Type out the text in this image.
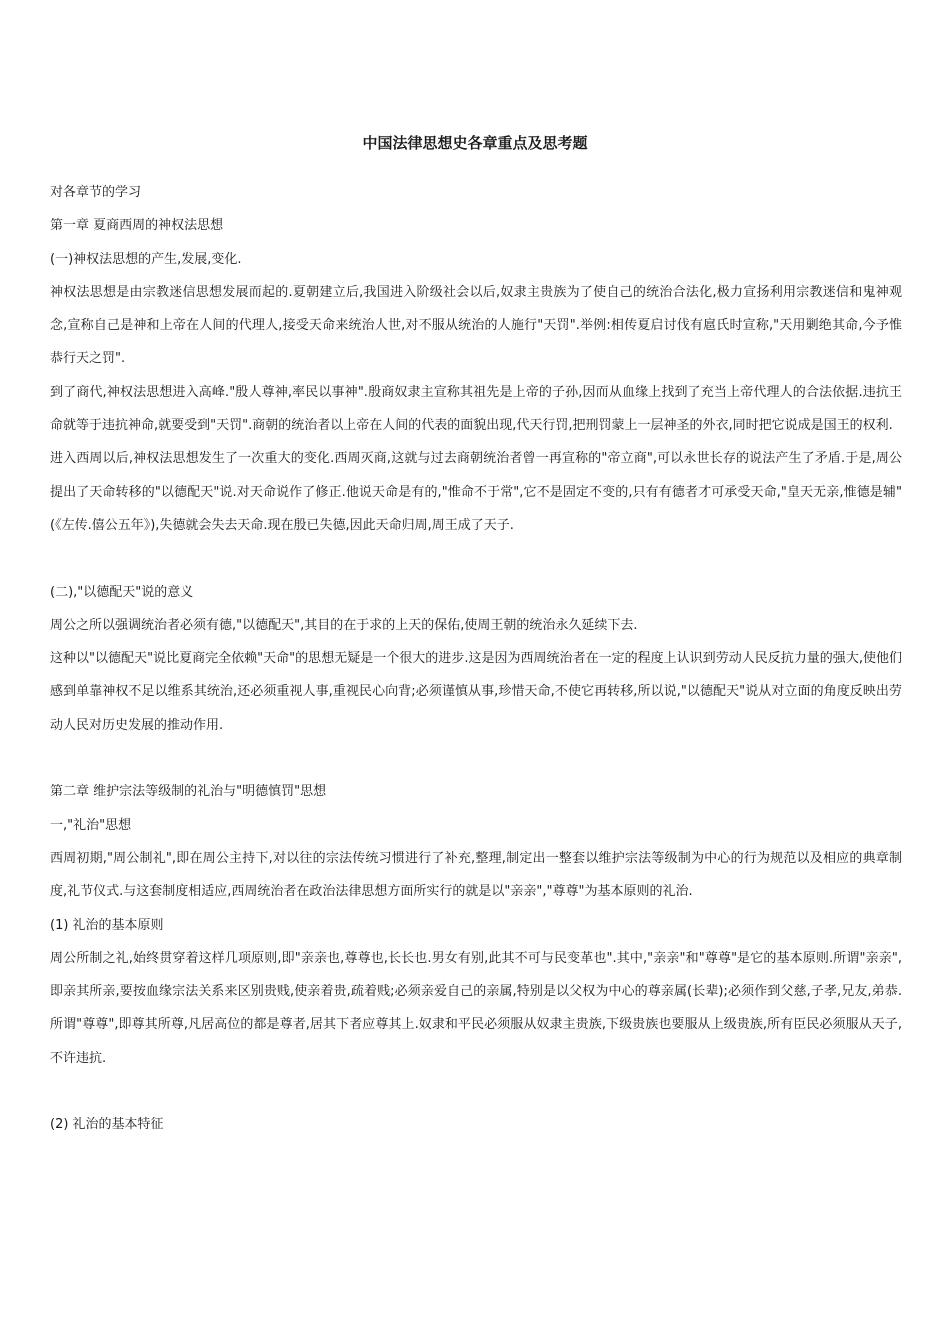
中国法律思想史各章重点及思考题

对各章节的学习

第一章 夏商西周的神权法思想

(一)神权法思想的产生,发展,变化.

神权法思想是由宗教迷信思想发展而起的.夏朝建立后,我国进入阶级社会以后,奴隶主贵族为了使自己的统治合法化,极力宣扬利用宗教迷信和鬼神观念,宣称自己是神和上帝在人间的代理人,接受天命来统治人世,对不服从统治的人施行"天罚".举例:相传夏启讨伐有扈氏时宣称,"天用剿绝其命,今予惟恭行天之罚".

到了商代,神权法思想进入高峰."殷人尊神,率民以事神".殷商奴隶主宣称其祖先是上帝的子孙,因而从血缘上找到了充当上帝代理人的合法依据.违抗王命就等于违抗神命,就要受到"天罚".商朝的统治者以上帝在人间的代表的面貌出现,代天行罚,把刑罚蒙上一层神圣的外衣,同时把它说成是国王的权利.

进入西周以后,神权法思想发生了一次重大的变化.西周灭商,这就与过去商朝统治者曾一再宣称的"帝立商",可以永世长存的说法产生了矛盾.于是,周公提出了天命转移的"以德配天"说.对天命说作了修正.他说天命是有的,"惟命不于常",它不是固定不变的,只有有德者才可承受天命,"皇天无亲,惟德是辅"(《左传.僖公五年》),失德就会失去天命.现在殷已失德,因此天命归周,周王成了天子.

(二),"以德配天"说的意义

周公之所以强调统治者必须有德,"以德配天",其目的在于求的上天的保佑,使周王朝的统治永久延续下去.

这种以"以德配天"说比夏商完全依赖"天命"的思想无疑是一个很大的进步.这是因为西周统治者在一定的程度上认识到劳动人民反抗力量的强大,使他们感到单靠神权不足以维系其统治,还必须重视人事,重视民心向背;必须谨慎从事,珍惜天命,不使它再转移,所以说,"以德配天"说从对立面的角度反映出劳动人民对历史发展的推动作用.

第二章 维护宗法等级制的礼治与"明德慎罚"思想

一,"礼治"思想

西周初期,"周公制礼",即在周公主持下,对以往的宗法传统习惯进行了补充,整理,制定出一整套以维护宗法等级制为中心的行为规范以及相应的典章制度,礼节仪式.与这套制度相适应,西周统治者在政治法律思想方面所实行的就是以"亲亲","尊尊"为基本原则的礼治.

(1) 礼治的基本原则

周公所制之礼,始终贯穿着这样几项原则,即"亲亲也,尊尊也,长长也.男女有别,此其不可与民变革也".其中,"亲亲"和"尊尊"是它的基本原则.所谓"亲亲",即亲其所亲,要按血缘宗法关系来区别贵贱,使亲着贵,疏着贱;必须亲爱自己的亲属,特别是以父权为中心的尊亲属(长辈);必须作到父慈,子孝,兄友,弟恭.所谓"尊尊",即尊其所尊,凡居高位的都是尊者,居其下者应尊其上.奴隶和平民必须服从奴隶主贵族,下级贵族也要服从上级贵族,所有臣民必须服从天子,不许违抗.

(2) 礼治的基本特征
